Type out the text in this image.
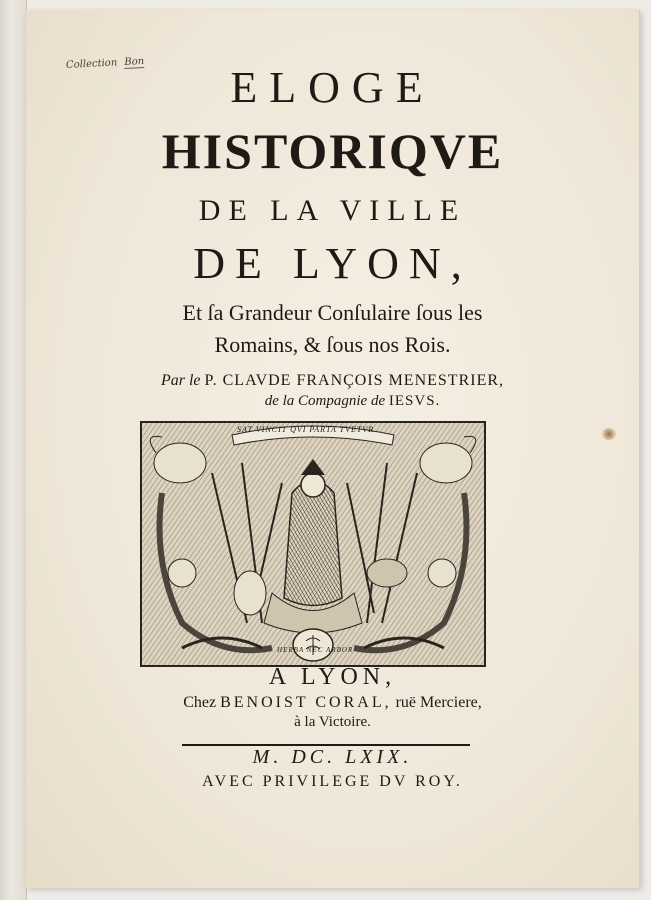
Collection Bon
ELOGE
HISTORIQVE
DE LA VILLE
DE LYON,
Et ſa Grandeur Conſulaire ſous les
Romains, & ſous nos Rois.
Par le P. CLAVDE FRANÇOIS MENESTRIER,
de la Compagnie de IESVS.
SAT VINCIT QVI PARTA TVETVR
HERBA NEC ARBOR
A LYON,
Chez BENOIST CORAL, ruë Merciere,
à la Victoire.
M. DC. LXIX.
AVEC PRIVILEGE DV ROY.
